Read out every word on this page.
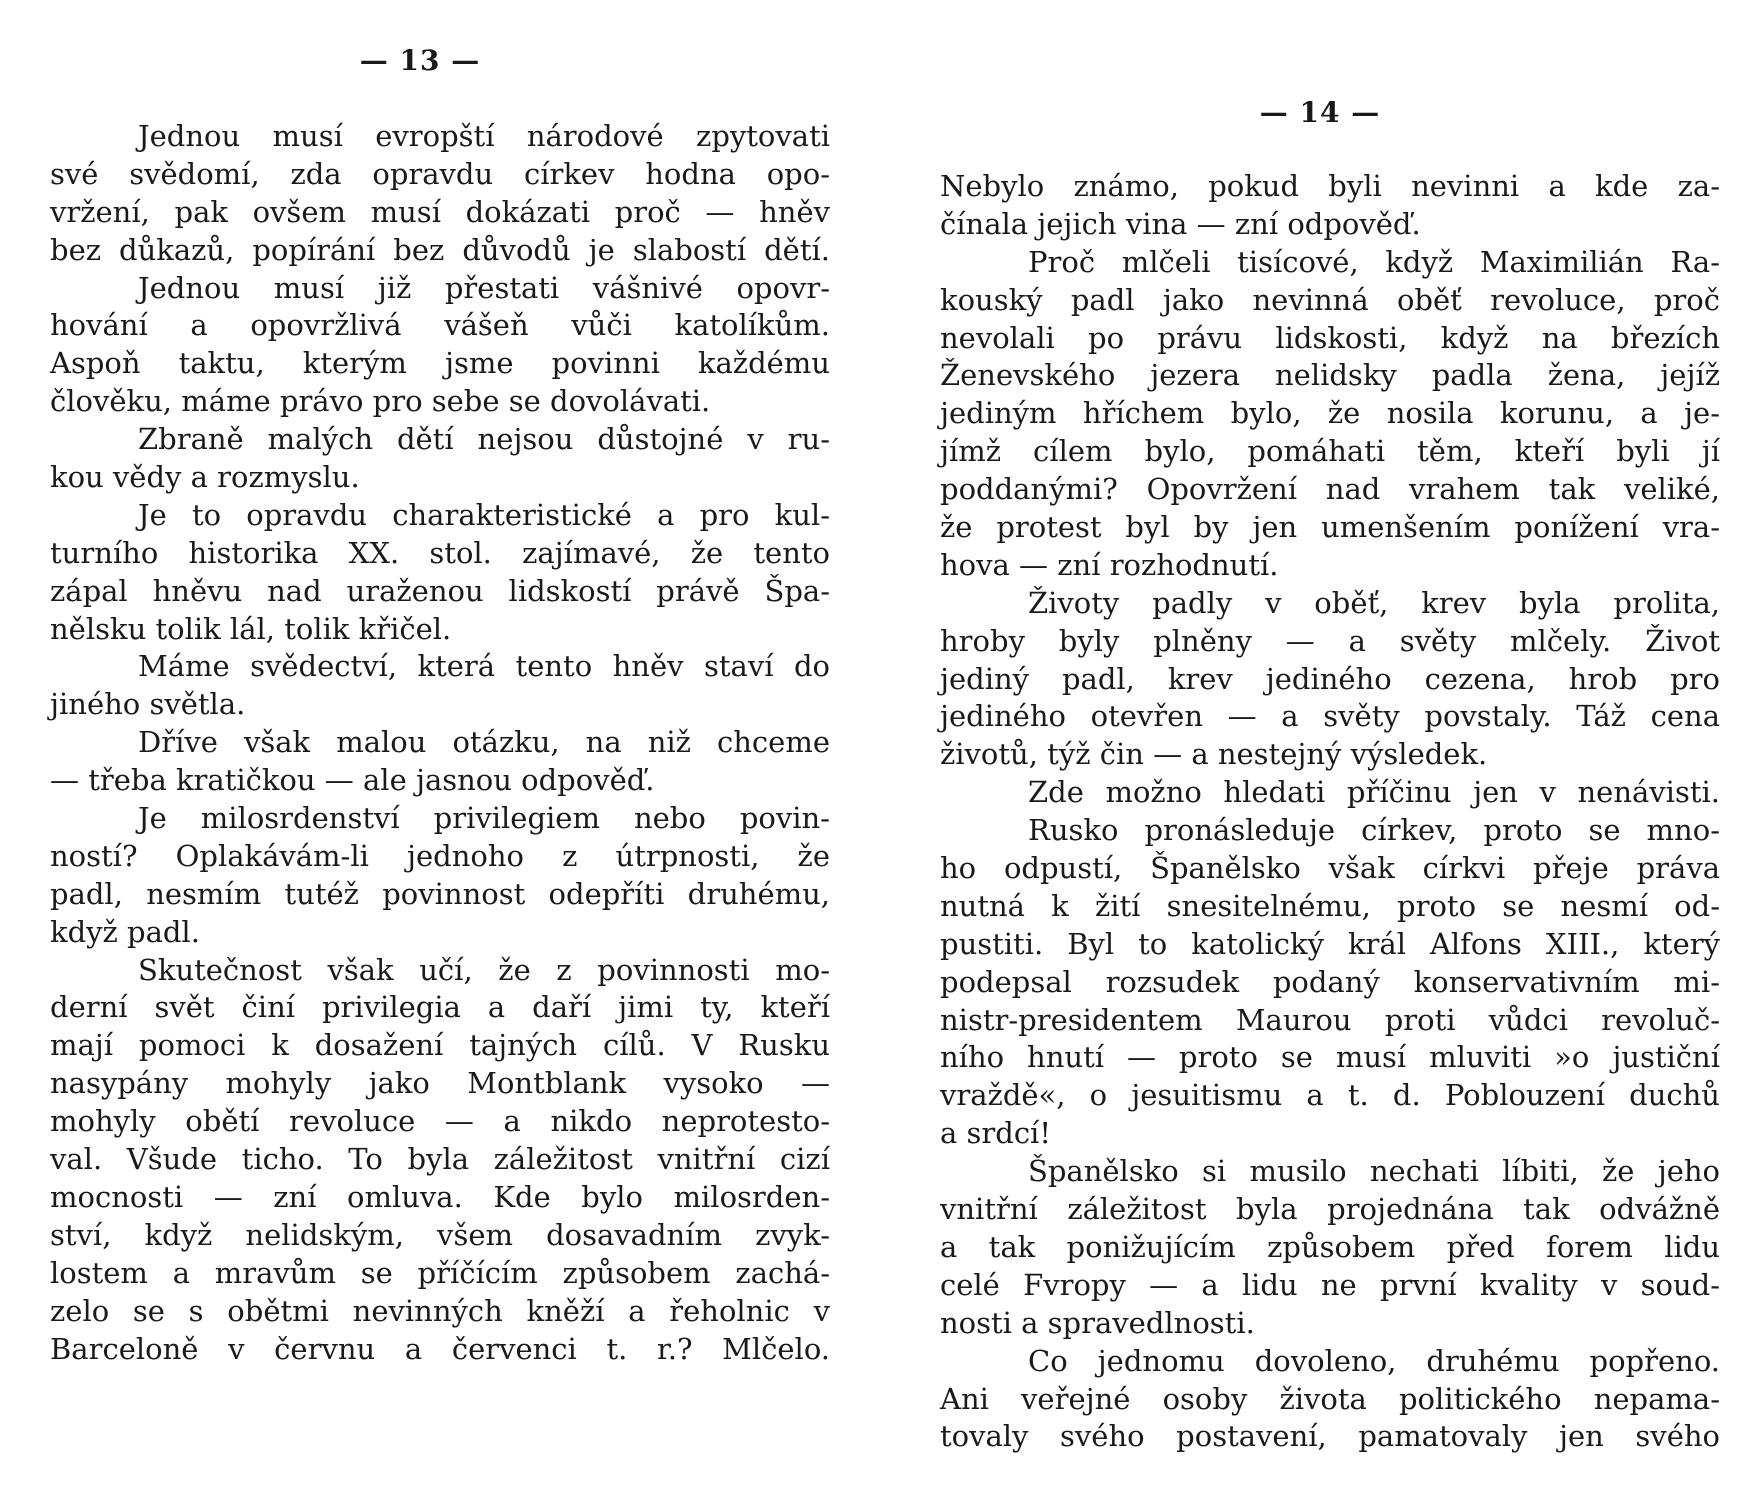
— 13 —
Jednou musí evropští národové zpytovati
své svědomí, zda opravdu církev hodna opo-
vržení, pak ovšem musí dokázati proč — hněv
bez důkazů, popírání bez důvodů je slabostí dětí.
Jednou musí již přestati vášnivé opovr-
hování a opovržlivá vášeň vůči katolíkům.
Aspoň taktu, kterým jsme povinni každému
člověku, máme právo pro sebe se dovolávati.
Zbraně malých dětí nejsou důstojné v ru-
kou vědy a rozmyslu.
Je to opravdu charakteristické a pro kul-
turního historika XX. stol. zajímavé, že tento
zápal hněvu nad uraženou lidskostí právě Špa-
nělsku tolik lál, tolik křičel.
Máme svědectví, která tento hněv staví do
jiného světla.
Dříve však malou otázku, na niž chceme
— třeba kratičkou — ale jasnou odpověď.
Je milosrdenství privilegiem nebo povin-
ností? Oplakávám-li jednoho z útrpnosti, že
padl, nesmím tutéž povinnost odepříti druhému,
když padl.
Skutečnost však učí, že z povinnosti mo-
derní svět činí privilegia a daří jimi ty, kteří
mají pomoci k dosažení tajných cílů. V Rusku
nasypány mohyly jako Montblank vysoko —
mohyly obětí revoluce — a nikdo neprotesto-
val. Všude ticho. To byla záležitost vnitřní cizí
mocnosti — zní omluva. Kde bylo milosrden-
ství, když nelidským, všem dosavadním zvyk-
lostem a mravům se příčícím způsobem zachá-
zelo se s obětmi nevinných kněží a řeholnic v
Barceloně v červnu a červenci t. r.? Mlčelo.
— 14 —
Nebylo známo, pokud byli nevinni a kde za-
čínala jejich vina — zní odpověď.
Proč mlčeli tisícové, když Maximilián Ra-
kouský padl jako nevinná oběť revoluce, proč
nevolali po právu lidskosti, když na březích
Ženevského jezera nelidsky padla žena, jejíž
jediným hříchem bylo, že nosila korunu, a je-
jímž cílem bylo, pomáhati těm, kteří byli jí
poddanými? Opovržení nad vrahem tak veliké,
že protest byl by jen umenšením ponížení vra-
hova — zní rozhodnutí.
Životy padly v oběť, krev byla prolita,
hroby byly plněny — a světy mlčely. Život
jediný padl, krev jediného cezena, hrob pro
jediného otevřen — a světy povstaly. Táž cena
životů, týž čin — a nestejný výsledek.
Zde možno hledati příčinu jen v nenávisti.
Rusko pronásleduje církev, proto se mno-
ho odpustí, Španělsko však církvi přeje práva
nutná k žití snesitelnému, proto se nesmí od-
pustiti. Byl to katolický král Alfons XIII., který
podepsal rozsudek podaný konservativním mi-
nistr-presidentem Maurou proti vůdci revoluč-
ního hnutí — proto se musí mluviti »o justiční
vraždě«, o jesuitismu a t. d. Poblouzení duchů
a srdcí!
Španělsko si musilo nechati líbiti, že jeho
vnitřní záležitost byla projednána tak odvážně
a tak ponižujícím způsobem před forem lidu
celé Fvropy — a lidu ne první kvality v soud-
nosti a spravedlnosti.
Co jednomu dovoleno, druhému popřeno.
Ani veřejné osoby života politického nepama-
tovaly svého postavení, pamatovaly jen svého
